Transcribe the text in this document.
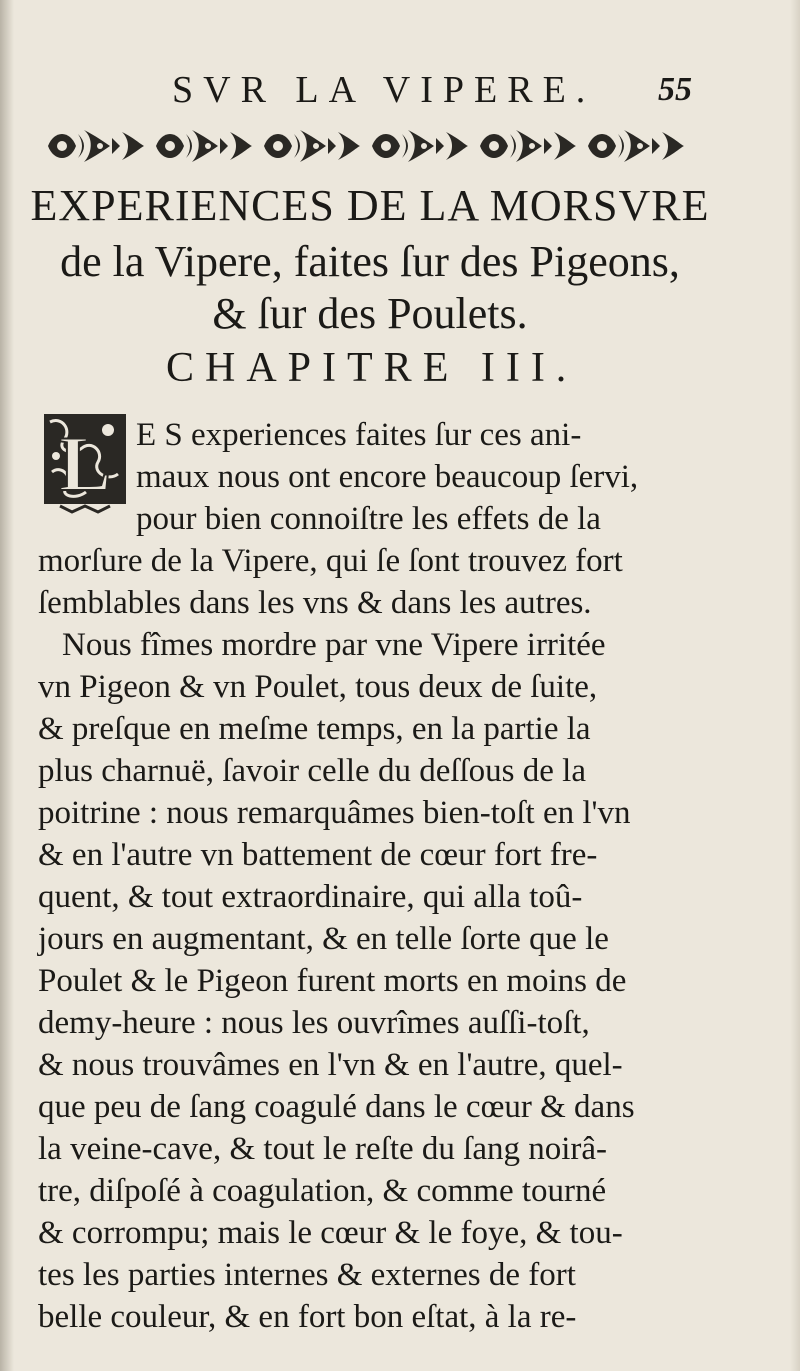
SVR LA VIPERE. 55
EXPERIENCES DE LA MORSVRE
de la Vipere, faites ſur des Pigeons,
& ſur des Poulets.
CHAPITRE III.
L E S experiences faites ſur ces ani-
maux nous ont encore beaucoup ſervi,
pour bien connoiſtre les effets de la
morſure de la Vipere, qui ſe ſont trouvez fort
ſemblables dans les vns & dans les autres.
Nous fîmes mordre par vne Vipere irritée
vn Pigeon & vn Poulet, tous deux de ſuite,
& preſque en meſme temps, en la partie la
plus charnuë, ſavoir celle du deſſous de la
poitrine : nous remarquâmes bien-toſt en l'vn
& en l'autre vn battement de cœur fort fre-
quent, & tout extraordinaire, qui alla toû-
jours en augmentant, & en telle ſorte que le
Poulet & le Pigeon furent morts en moins de
demy-heure : nous les ouvrîmes auſſi-toſt,
& nous trouvâmes en l'vn & en l'autre, quel-
que peu de ſang coagulé dans le cœur & dans
la veine-cave, & tout le reſte du ſang noirâ-
tre, diſpoſé à coagulation, & comme tourné
& corrompu; mais le cœur & le foye, & tou-
tes les parties internes & externes de fort
belle couleur, & en fort bon eſtat, à la re-
